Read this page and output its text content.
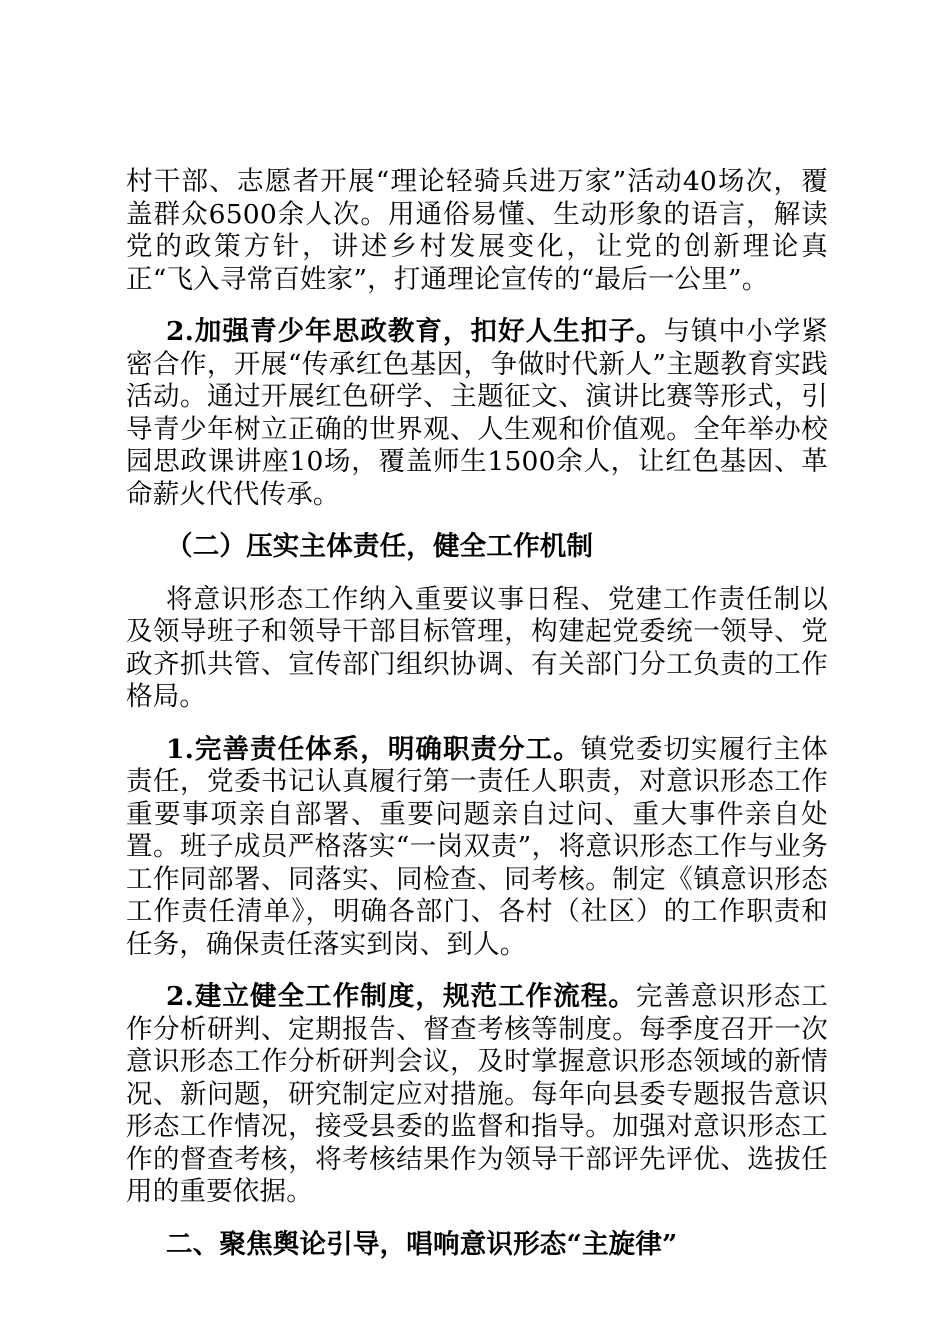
村干部、志愿者开展“理论轻骑兵进万家”活动40场次，覆盖群众6500余人次。用通俗易懂、生动形象的语言，解读党的政策方针，讲述乡村发展变化，让党的创新理论真正“飞入寻常百姓家”，打通理论宣传的“最后一公里”。

2.加强青少年思政教育，扣好人生扣子。与镇中小学紧密合作，开展“传承红色基因，争做时代新人”主题教育实践活动。通过开展红色研学、主题征文、演讲比赛等形式，引导青少年树立正确的世界观、人生观和价值观。全年举办校园思政课讲座10场，覆盖师生1500余人，让红色基因、革命薪火代代传承。

（二）压实主体责任，健全工作机制

将意识形态工作纳入重要议事日程、党建工作责任制以及领导班子和领导干部目标管理，构建起党委统一领导、党政齐抓共管、宣传部门组织协调、有关部门分工负责的工作格局。

1.完善责任体系，明确职责分工。镇党委切实履行主体责任，党委书记认真履行第一责任人职责，对意识形态工作重要事项亲自部署、重要问题亲自过问、重大事件亲自处置。班子成员严格落实“一岗双责”，将意识形态工作与业务工作同部署、同落实、同检查、同考核。制定《镇意识形态工作责任清单》，明确各部门、各村（社区）的工作职责和任务，确保责任落实到岗、到人。

2.建立健全工作制度，规范工作流程。完善意识形态工作分析研判、定期报告、督查考核等制度。每季度召开一次意识形态工作分析研判会议，及时掌握意识形态领域的新情况、新问题，研究制定应对措施。每年向县委专题报告意识形态工作情况，接受县委的监督和指导。加强对意识形态工作的督查考核，将考核结果作为领导干部评先评优、选拔任用的重要依据。

二、聚焦舆论引导，唱响意识形态“主旋律”
